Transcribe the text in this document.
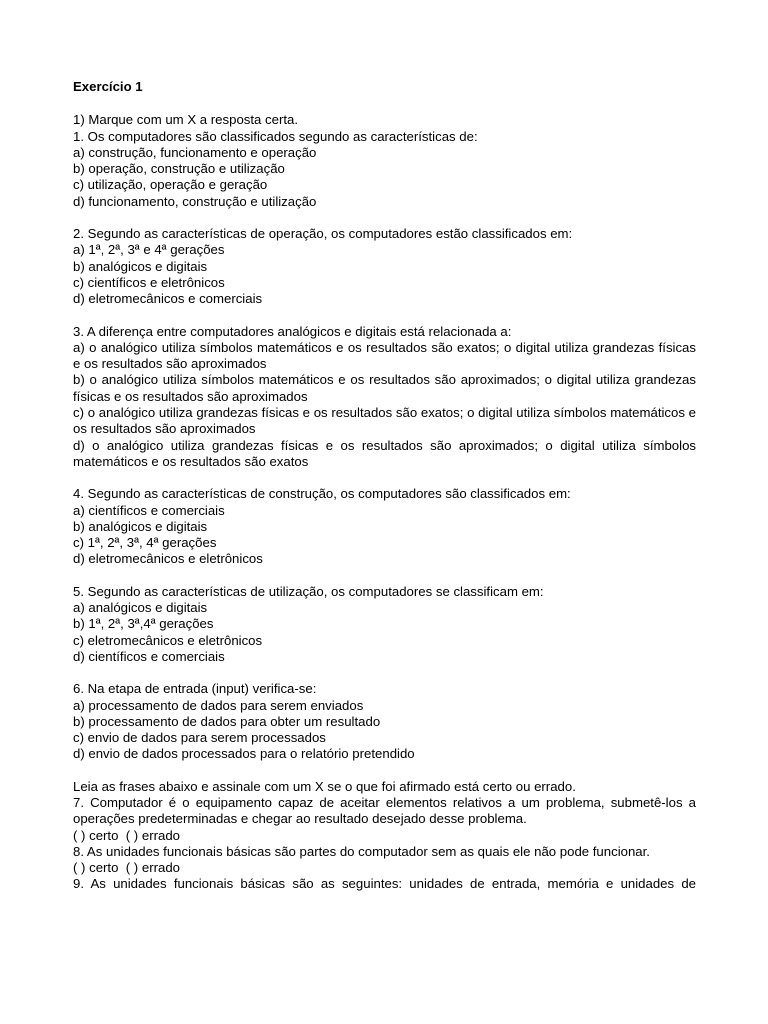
Exercício 1

1) Marque com um X a resposta certa.

1. Os computadores são classificados segundo as características de:

a) construção, funcionamento e operação

b) operação, construção e utilização

c) utilização, operação e geração

d) funcionamento, construção e utilização

2. Segundo as características de operação, os computadores estão classificados em:

a) 1ª, 2ª, 3ª e 4ª gerações

b) analógicos e digitais

c) científicos e eletrônicos

d) eletromecânicos e comerciais

3. A diferença entre computadores analógicos e digitais está relacionada a:

a) o analógico utiliza símbolos matemáticos e os resultados são exatos; o digital utiliza grandezas físicas e os resultados são aproximados

b) o analógico utiliza símbolos matemáticos e os resultados são aproximados; o digital utiliza grandezas físicas e os resultados são aproximados

c) o analógico utiliza grandezas físicas e os resultados são exatos; o digital utiliza símbolos matemáticos e os resultados são aproximados

d) o analógico utiliza grandezas físicas e os resultados são aproximados; o digital utiliza símbolos matemáticos e os resultados são exatos

4. Segundo as características de construção, os computadores são classificados em:

a) científicos e comerciais

b) analógicos e digitais

c) 1ª, 2ª, 3ª, 4ª gerações

d) eletromecânicos e eletrônicos

5. Segundo as características de utilização, os computadores se classificam em:

a) analógicos e digitais

b) 1ª, 2ª, 3ª,4ª gerações

c) eletromecânicos e eletrônicos

d) científicos e comerciais

6. Na etapa de entrada (input) verifica-se:

a) processamento de dados para serem enviados

b) processamento de dados para obter um resultado

c) envio de dados para serem processados

d) envio de dados processados para o relatório pretendido

Leia as frases abaixo e assinale com um X se o que foi afirmado está certo ou errado.

7. Computador é o equipamento capaz de aceitar elementos relativos a um problema, submetê-los a operações predeterminadas e chegar ao resultado desejado desse problema.

( ) certo  ( ) errado

8. As unidades funcionais básicas são partes do computador sem as quais ele não pode funcionar.

( ) certo  ( ) errado

9. As unidades funcionais básicas são as seguintes: unidades de entrada, memória e unidades de
